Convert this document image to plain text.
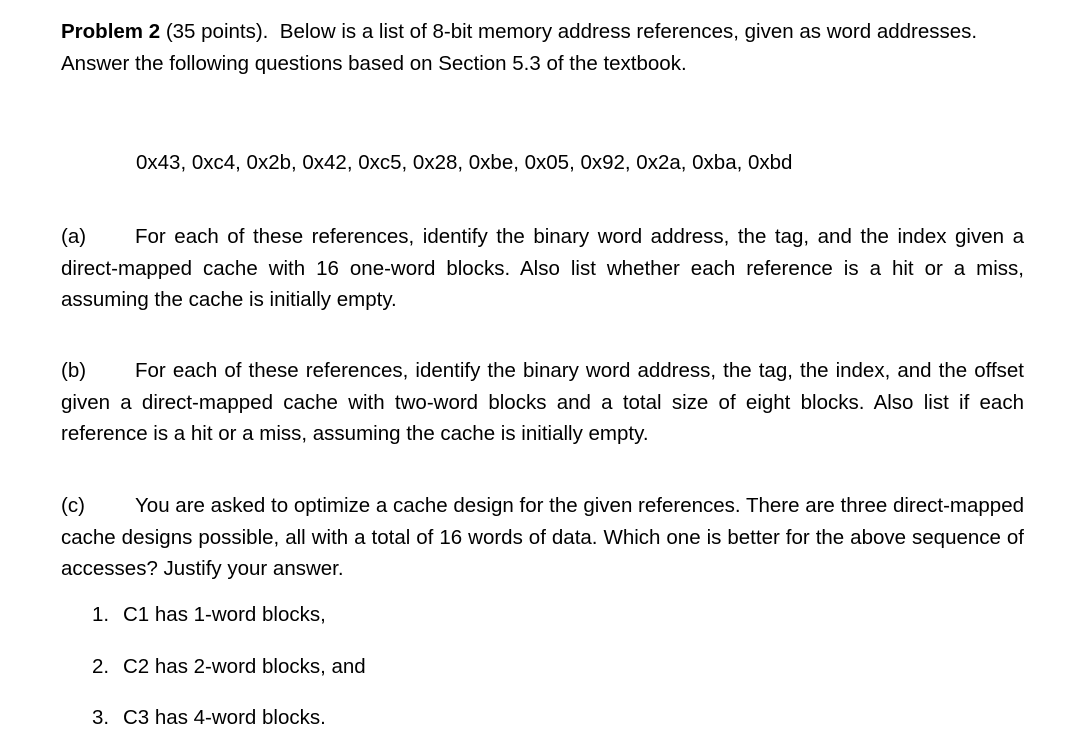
Problem 2 (35 points). Below is a list of 8-bit memory address references, given as word addresses.

Answer the following questions based on Section 5.3 of the textbook.

0x43, 0xc4, 0x2b, 0x42, 0xc5, 0x28, 0xbe, 0x05, 0x92, 0x2a, 0xba, 0xbd

(a) For each of these references, identify the binary word address, the tag, and the index given a direct-mapped cache with 16 one-word blocks. Also list whether each reference is a hit or a miss, assuming the cache is initially empty.

(b) For each of these references, identify the binary word address, the tag, the index, and the offset given a direct-mapped cache with two-word blocks and a total size of eight blocks. Also list if each reference is a hit or a miss, assuming the cache is initially empty.

(c) You are asked to optimize a cache design for the given references. There are three direct-mapped cache designs possible, all with a total of 16 words of data. Which one is better for the above sequence of accesses? Justify your answer.

1. C1 has 1-word blocks,
2. C2 has 2-word blocks, and
3. C3 has 4-word blocks.
